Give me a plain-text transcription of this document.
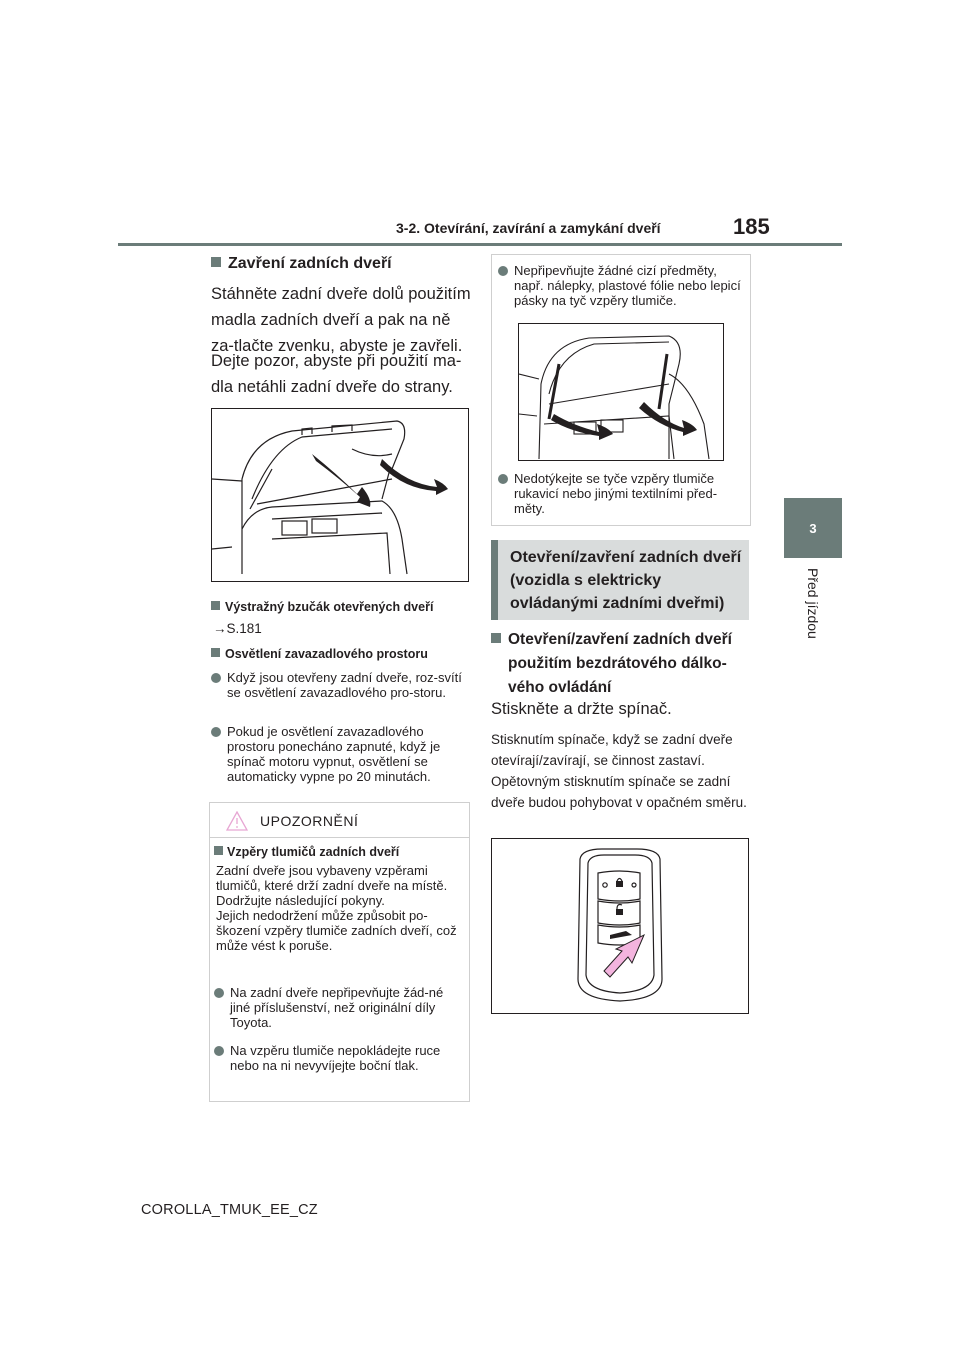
3-2. Otevírání, zavírání a zamykání dveří	185
3
Před jízdou
Zavření zadních dveří
Stáhněte zadní dveře dolů použitím madla zadních dveří a pak na ně za-tlačte zvenku, abyste je zavřeli.
Dejte pozor, abyste při použití ma-dla netáhli zadní dveře do strany.
Výstražný bzučák otevřených dveří
→S.181
Osvětlení zavazadlového prostoru
Když jsou otevřeny zadní dveře, roz-svítí se osvětlení zavazadlového pro-storu.
Pokud je osvětlení zavazadlového prostoru ponecháno zapnuté, když je spínač motoru vypnut, osvětlení se automaticky vypne po 20 minutách.
UPOZORNĚNÍ
Vzpěry tlumičů zadních dveří
Zadní dveře jsou vybaveny vzpěrami tlumičů, které drží zadní dveře na místě.
Dodržujte následující pokyny.
Jejich nedodržení může způsobit po-škození vzpěry tlumiče zadních dveří, což může vést k poruše.
Na zadní dveře nepřipevňujte žád-né jiné příslušenství, než originální díly Toyota.
Na vzpěru tlumiče nepokládejte ruce nebo na ni nevyvíjejte boční tlak.
Nepřipevňujte žádné cizí předměty, např. nálepky, plastové fólie nebo lepicí pásky na tyč vzpěry tlumiče.
Nedotýkejte se tyče vzpěry tlumiče rukavicí nebo jinými textilními před-měty.
Otevření/zavření zadních dveří (vozidla s elektricky ovládanými zadními dveřmi)
Otevření/zavření zadních dveří použitím bezdrátového dálko-vého ovládání
Stiskněte a držte spínač.
Stisknutím spínače, když se zadní dveře otevírají/zavírají, se činnost zastaví.
Opětovným stisknutím spínače se zadní dveře budou pohybovat v opačném směru.
COROLLA_TMUK_EE_CZ
